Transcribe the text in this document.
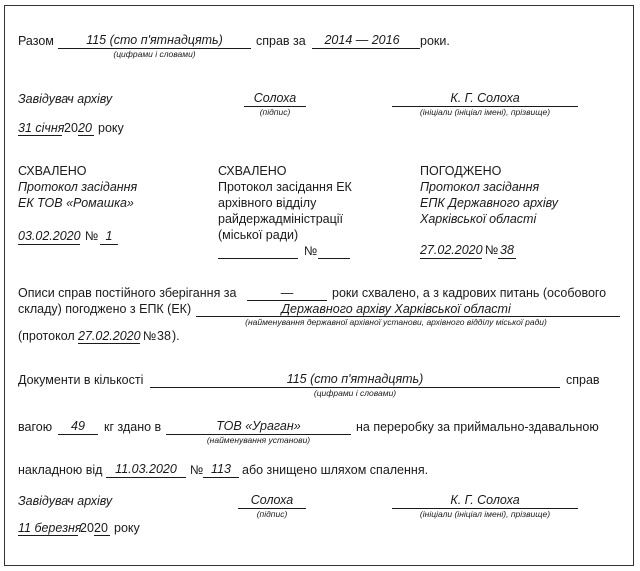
Разом	115 (сто п'ятнадцять)
(цифрами і словами)
справ за	2014 — 2016	роки.
Завідувач архіву	Солоха
(підпис)
К. Г. Солоха
(ініціали (ініціал імені), прізвище)
31 січня 20 20 року
СХВАЛЕНО
Протокол засідання
ЕК ТОВ «Ромашка»
03.02.2020 № 1
СХВАЛЕНО
Протокол засідання ЕК
архівного відділу
райдержадміністрації
(міської ради)
№
ПОГОДЖЕНО
Протокол засідання
ЕПК Державного архіву
Харківської області
27.02.2020 № 38
Описи справ постійного зберігання за	—	роки схвалено, а з кадрових питань (особового
складу) погоджено з ЕПК (ЕК)	Державного архіву Харківської області
(найменування державної архівної установи, архівного відділу міської ради)
(протокол 27.02.2020 № 38 ).
Документи в кількості	115 (сто п'ятнадцять)
(цифрами і словами)
справ
вагою	49	кг здано в	ТОВ «Ураган»
(найменування установи)
на переробку за приймально-здавальною
накладною від	11.03.2020	№ 113 або знищено шляхом спалення.
Завідувач архіву	Солоха
(підпис)
К. Г. Солоха
(ініціали (ініціал імені), прізвище)
11 березня
20 20 року
